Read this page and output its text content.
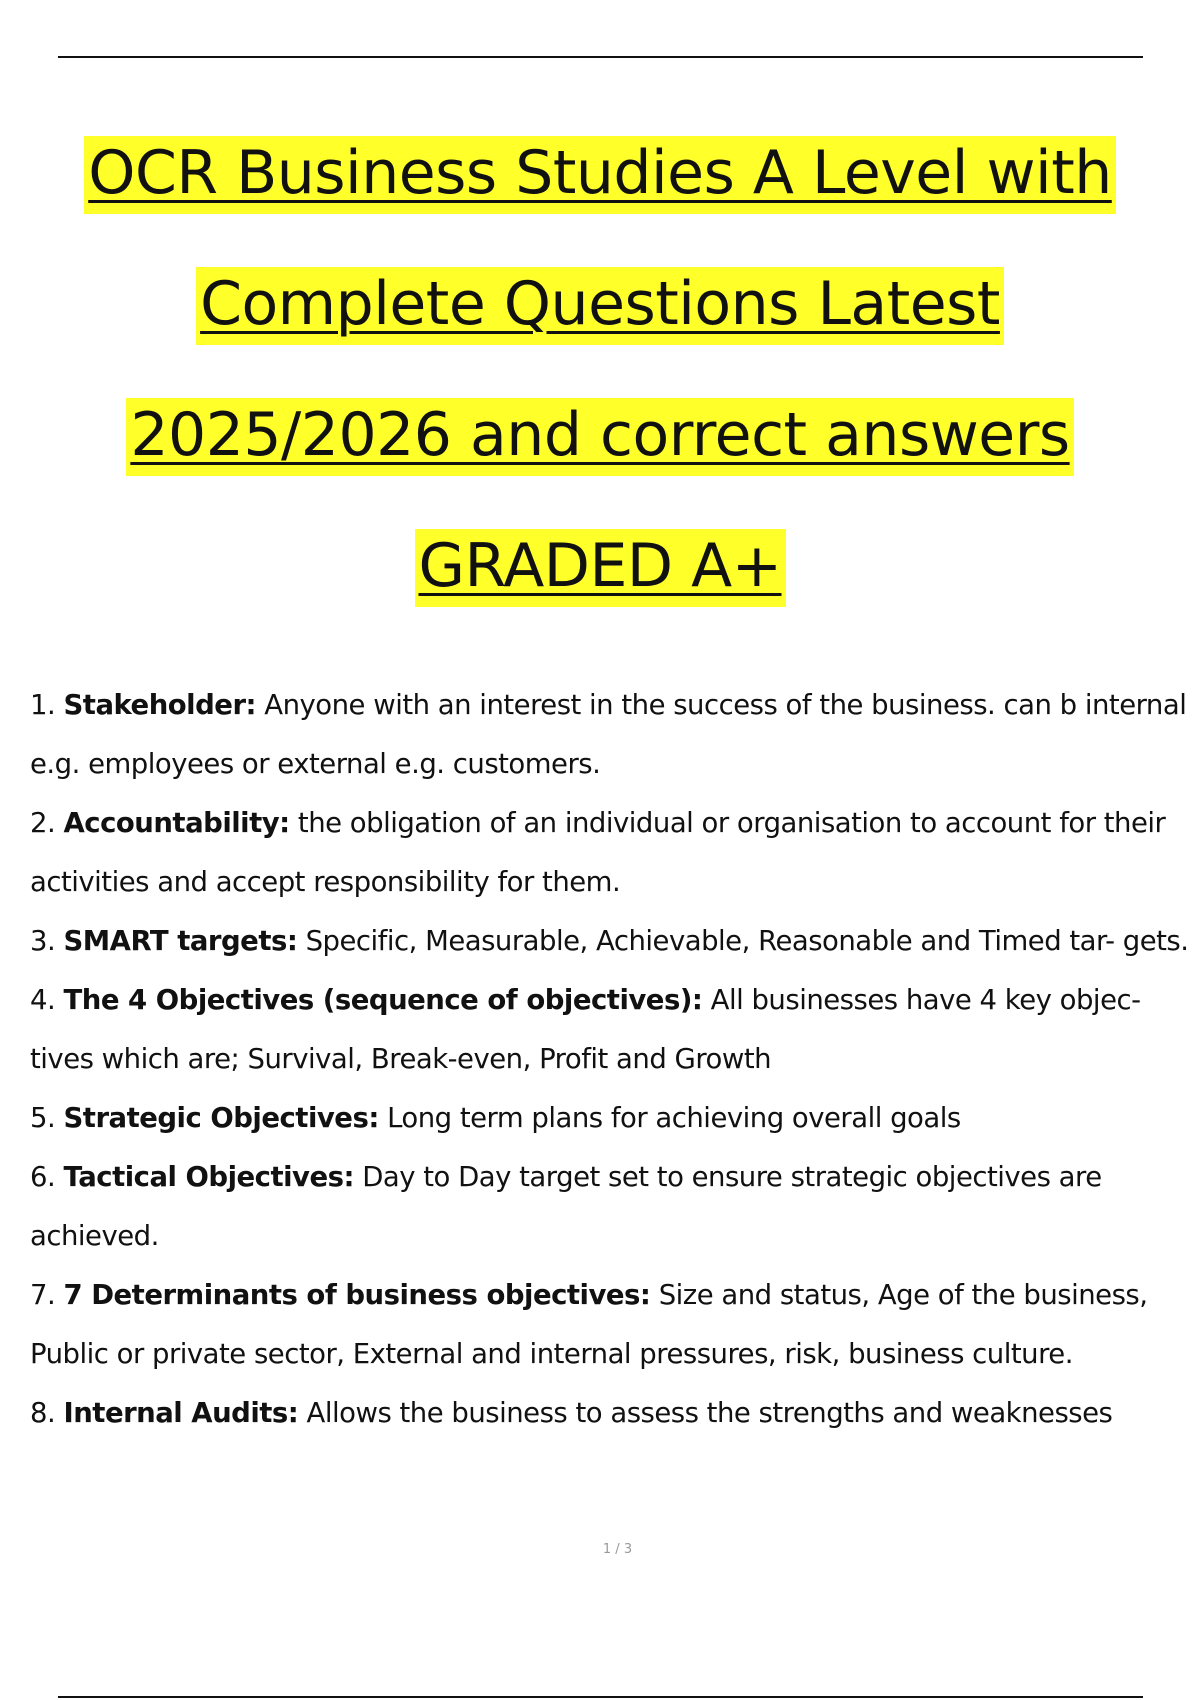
OCR Business Studies A Level with
Complete Questions Latest
2025/2026 and correct answers
GRADED A+
1. Stakeholder: Anyone with an interest in the success of the business. can b internal e.g. employees or external e.g. customers.
2. Accountability: the obligation of an individual or organisation to account for their activities and accept responsibility for them.
3. SMART targets: Specific, Measurable, Achievable, Reasonable and Timed tar- gets.
4. The 4 Objectives (sequence of objectives): All businesses have 4 key objec- tives which are; Survival, Break-even, Profit and Growth
5. Strategic Objectives: Long term plans for achieving overall goals
6. Tactical Objectives: Day to Day target set to ensure strategic objectives are achieved.
7. 7 Determinants of business objectives: Size and status, Age of the business, Public or private sector, External and internal pressures, risk, business culture.
8. Internal Audits: Allows the business to assess the strengths and weaknesses
1 / 3
